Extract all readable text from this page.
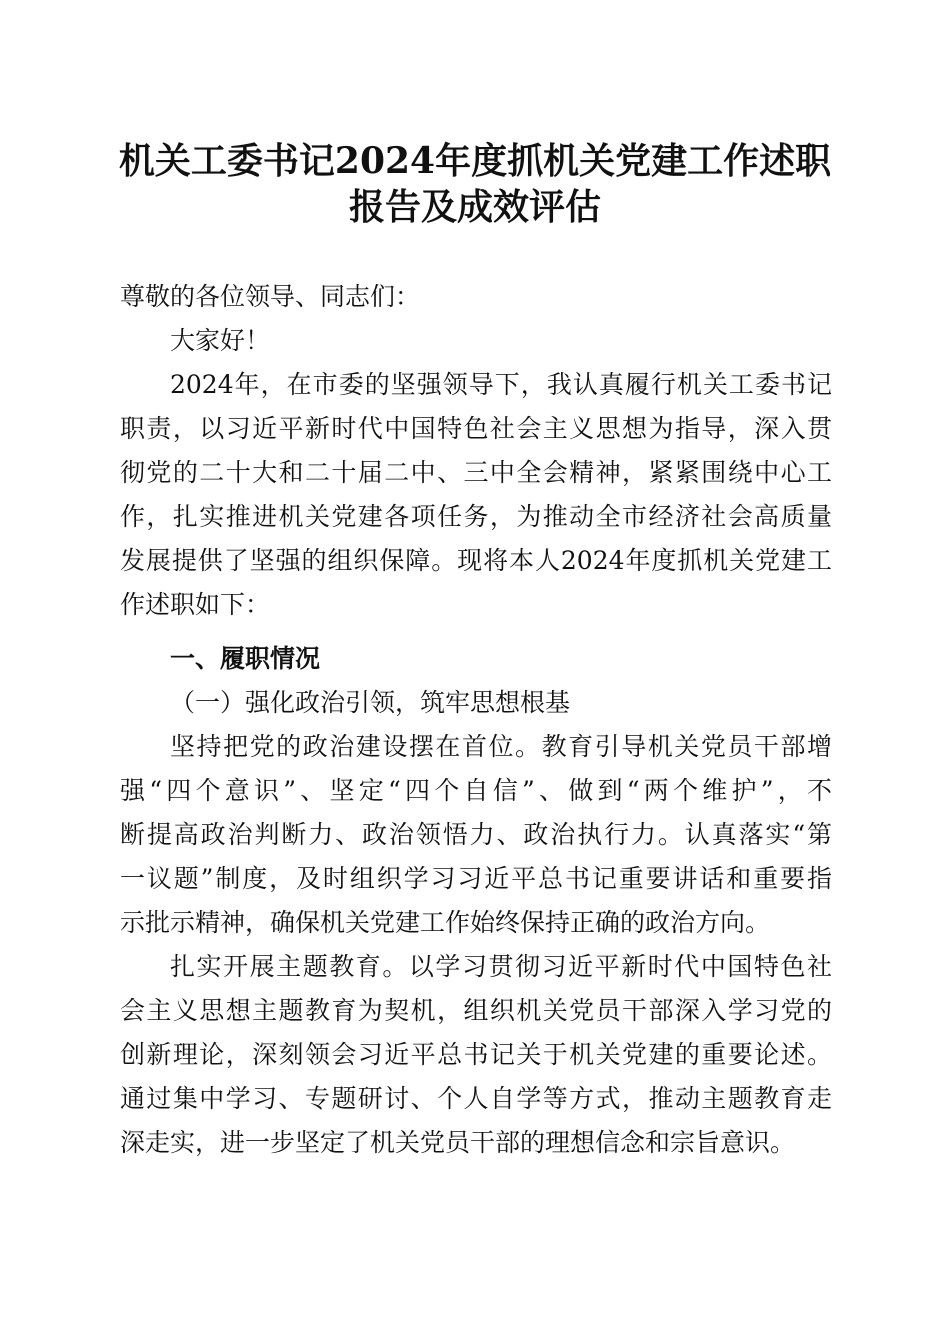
机关工委书记2024年度抓机关党建工作述职
报告及成效评估
尊敬的各位领导、同志们：
大家好！
2024年，在市委的坚强领导下，我认真履行机关工委书记
职责，以习近平新时代中国特色社会主义思想为指导，深入贯
彻党的二十大和二十届二中、三中全会精神，紧紧围绕中心工
作，扎实推进机关党建各项任务，为推动全市经济社会高质量
发展提供了坚强的组织保障。现将本人2024年度抓机关党建工
作述职如下：
一、履职情况
（一）强化政治引领，筑牢思想根基
坚持把党的政治建设摆在首位。教育引导机关党员干部增
强“四个意识”、坚定“四个自信”、做到“两个维护”，不
断提高政治判断力、政治领悟力、政治执行力。认真落实“第
一议题”制度，及时组织学习习近平总书记重要讲话和重要指
示批示精神，确保机关党建工作始终保持正确的政治方向。
扎实开展主题教育。以学习贯彻习近平新时代中国特色社
会主义思想主题教育为契机，组织机关党员干部深入学习党的
创新理论，深刻领会习近平总书记关于机关党建的重要论述。
通过集中学习、专题研讨、个人自学等方式，推动主题教育走
深走实，进一步坚定了机关党员干部的理想信念和宗旨意识。
